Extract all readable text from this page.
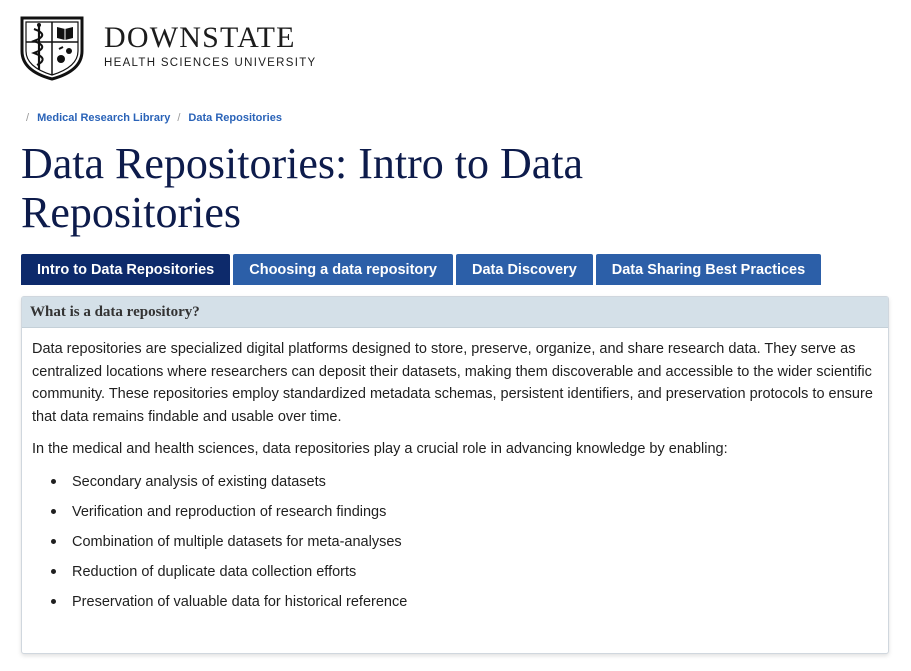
DOWNSTATE
HEALTH SCIENCES UNIVERSITY
/ Medical Research Library / Data Repositories
Data Repositories: Intro to Data Repositories
Intro to Data Repositories	Choosing a data repository	Data Discovery	Data Sharing Best Practices
What is a data repository?

Data repositories are specialized digital platforms designed to store, preserve, organize, and share research data. They serve as centralized locations where researchers can deposit their datasets, making them discoverable and accessible to the wider scientific community. These repositories employ standardized metadata schemas, persistent identifiers, and preservation protocols to ensure that data remains findable and usable over time.

In the medical and health sciences, data repositories play a crucial role in advancing knowledge by enabling:

Secondary analysis of existing datasets
Verification and reproduction of research findings
Combination of multiple datasets for meta-analyses
Reduction of duplicate data collection efforts
Preservation of valuable data for historical reference
